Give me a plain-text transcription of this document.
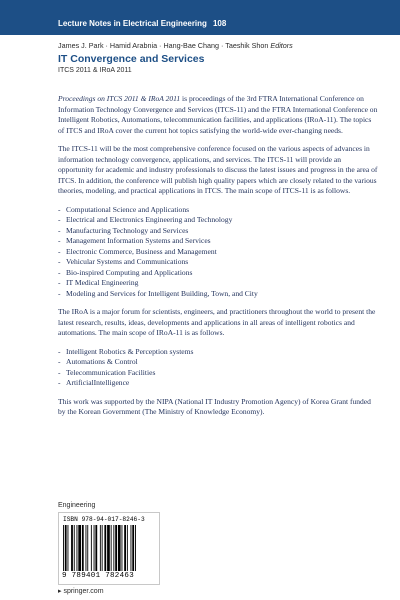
Lecture Notes in Electrical Engineering 108
James J. Park · Hamid Arabnia · Hang-Bae Chang · Taeshik Shon Editors
IT Convergence and Services
ITCS 2011 & IRoA 2011

Proceedings on ITCS 2011 & IRoA 2011 is proceedings of the 3rd FTRA International Conference on Information Technology Convergence and Services (ITCS-11) and the FTRA International Conference on Intelligent Robotics, Automations, telecommunication facilities, and applications (IRoA-11). The topics of ITCS and IRoA cover the current hot topics satisfying the world-wide ever-changing needs.

The ITCS-11 will be the most comprehensive conference focused on the various aspects of advances in information technology convergence, applications, and services. The ITCS-11 will provide an opportunity for academic and industry professionals to discuss the latest issues and progress in the area of ITCS. In addition, the conference will publish high quality papers which are closely related to the various theories, modeling, and practical applications in ITCS. The main scope of ITCS-11 is as follows.

- Computational Science and Applications
- Electrical and Electronics Engineering and Technology
- Manufacturing Technology and Services
- Management Information Systems and Services
- Electronic Commerce, Business and Management
- Vehicular Systems and Communications
- Bio-inspired Computing and Applications
- IT Medical Engineering
- Modeling and Services for Intelligent Building, Town, and City

The IRoA is a major forum for scientists, engineers, and practitioners throughout the world to present the latest research, results, ideas, developments and applications in all areas of intelligent robotics and automations. The main scope of IRoA-11 is as follows.

- Intelligent Robotics & Perception systems
- Automations & Control
- Telecommunication Facilities
- ArtificialIntelligence

This work was supported by the NIPA (National IT Industry Promotion Agency) of Korea Grant funded by the Korean Government (The Ministry of Knowledge Economy).

Engineering
ISBN 978-94-017-8246-3
9 789401 782463
▸ springer.com
